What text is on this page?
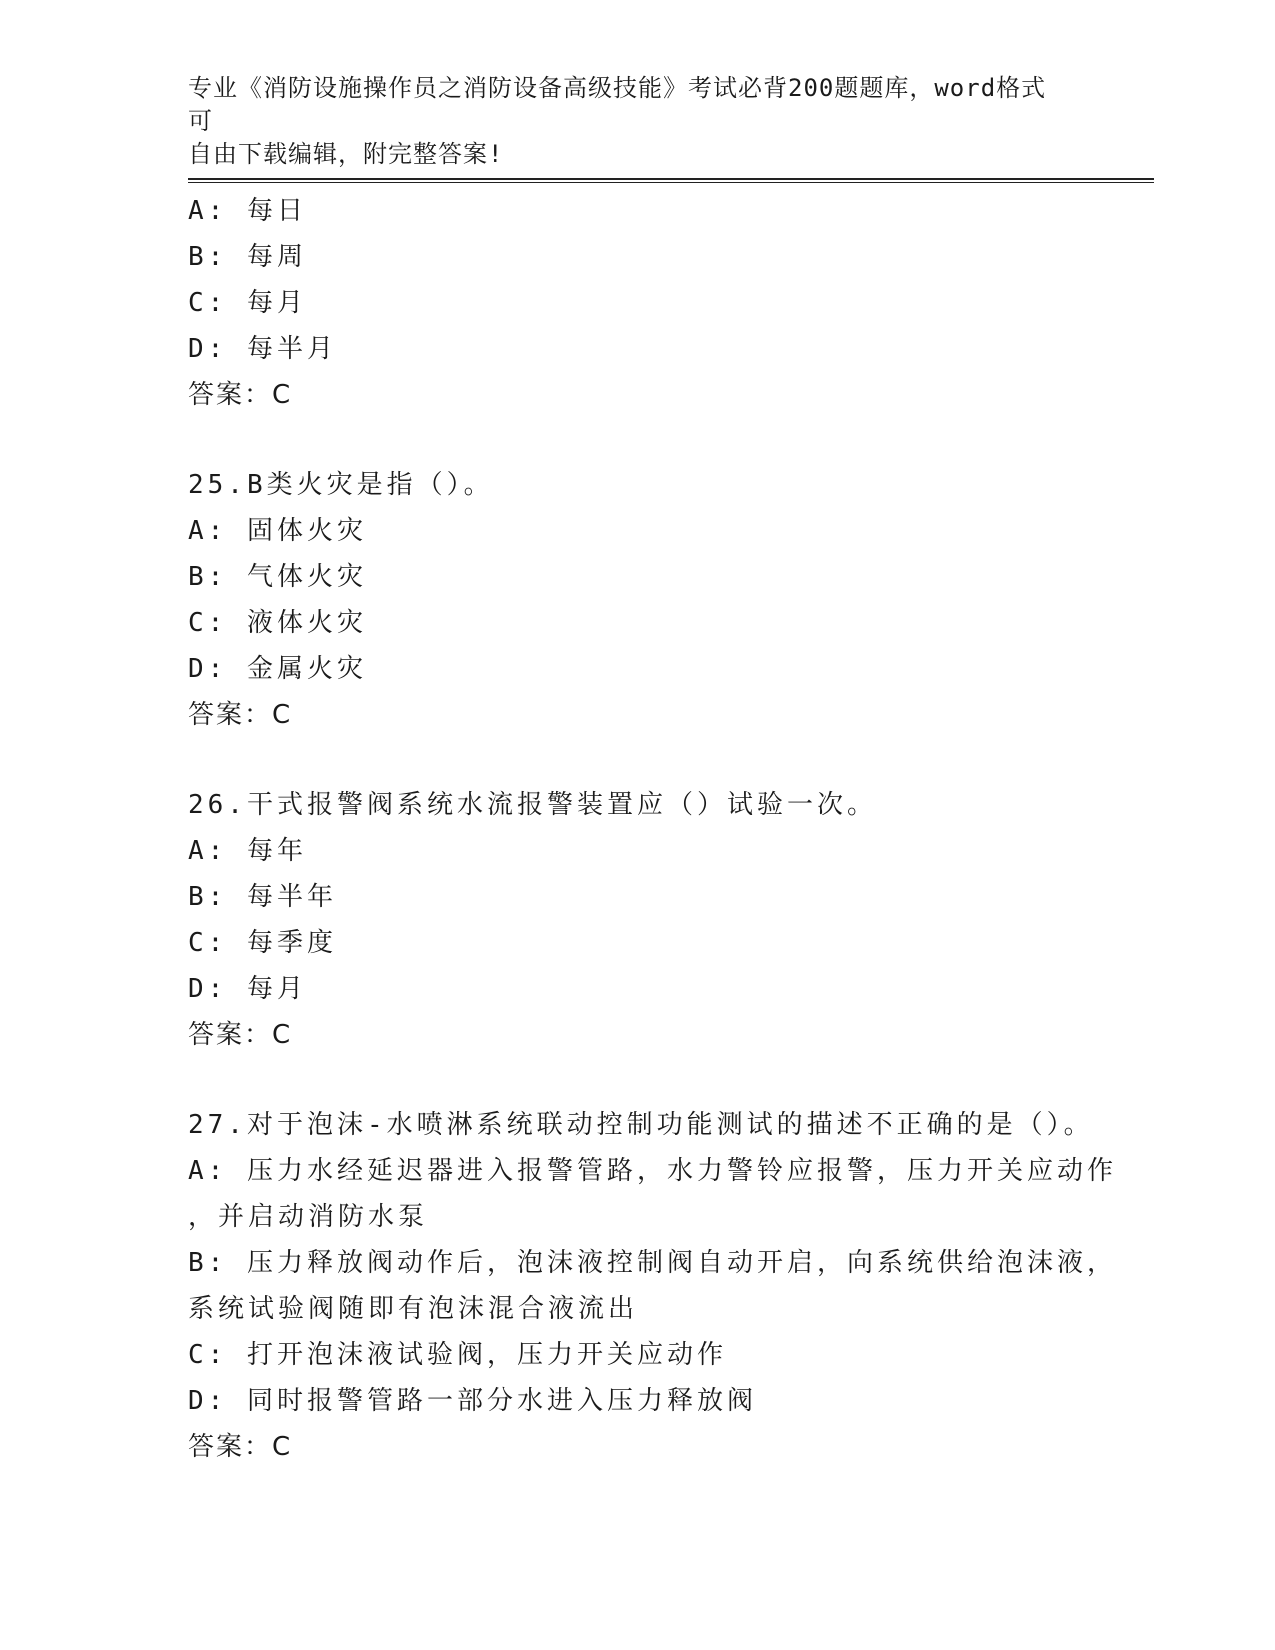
专业《消防设施操作员之消防设备高级技能》考试必背200题题库，word格式可
自由下载编辑，附完整答案!
A: 每日
B: 每周
C: 每月
D: 每半月
答案：C
25.B类火灾是指（）。
A: 固体火灾
B: 气体火灾
C: 液体火灾
D: 金属火灾
答案：C
26.干式报警阀系统水流报警装置应（）试验一次。
A: 每年
B: 每半年
C: 每季度
D: 每月
答案：C
27.对于泡沫-水喷淋系统联动控制功能测试的描述不正确的是（）。
A: 压力水经延迟器进入报警管路，水力警铃应报警，压力开关应动作
，并启动消防水泵
B: 压力释放阀动作后，泡沫液控制阀自动开启，向系统供给泡沫液，
系统试验阀随即有泡沫混合液流出
C: 打开泡沫液试验阀，压力开关应动作
D: 同时报警管路一部分水进入压力释放阀
答案：C
